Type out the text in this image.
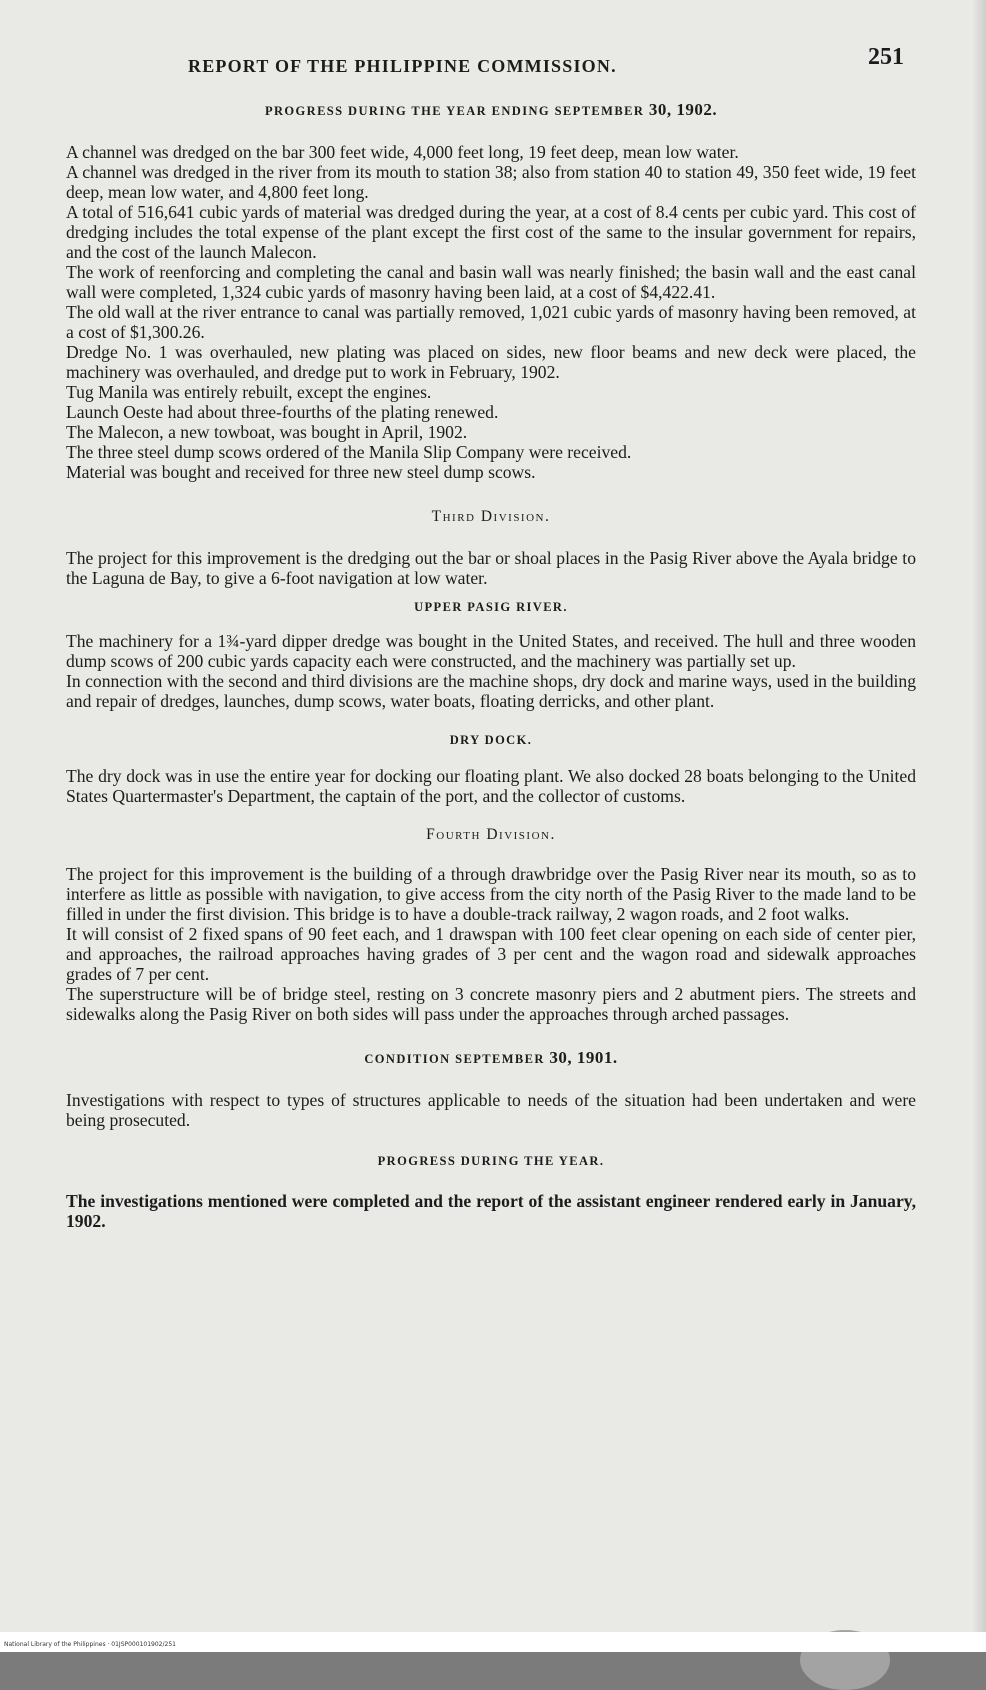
REPORT OF THE PHILIPPINE COMMISSION.	251
PROGRESS DURING THE YEAR ENDING SEPTEMBER 30, 1902.

A channel was dredged on the bar 300 feet wide, 4,000 feet long, 19 feet deep, mean low water.

A channel was dredged in the river from its mouth to station 38; also from station 40 to station 49, 350 feet wide, 19 feet deep, mean low water, and 4,800 feet long.

A total of 516,641 cubic yards of material was dredged during the year, at a cost of 8.4 cents per cubic yard. This cost of dredging includes the total expense of the plant except the first cost of the same to the insular government for repairs, and the cost of the launch Malecon.

The work of reenforcing and completing the canal and basin wall was nearly finished; the basin wall and the east canal wall were completed, 1,324 cubic yards of masonry having been laid, at a cost of $4,422.41.

The old wall at the river entrance to canal was partially removed, 1,021 cubic yards of masonry having been removed, at a cost of $1,300.26.

Dredge No. 1 was overhauled, new plating was placed on sides, new floor beams and new deck were placed, the machinery was overhauled, and dredge put to work in February, 1902.

Tug Manila was entirely rebuilt, except the engines.

Launch Oeste had about three-fourths of the plating renewed.

The Malecon, a new towboat, was bought in April, 1902.

The three steel dump scows ordered of the Manila Slip Company were received.

Material was bought and received for three new steel dump scows.

Third Division.

The project for this improvement is the dredging out the bar or shoal places in the Pasig River above the Ayala bridge to the Laguna de Bay, to give a 6-foot navigation at low water.

UPPER PASIG RIVER.

The machinery for a 1¾-yard dipper dredge was bought in the United States, and received. The hull and three wooden dump scows of 200 cubic yards capacity each were constructed, and the machinery was partially set up.

In connection with the second and third divisions are the machine shops, dry dock and marine ways, used in the building and repair of dredges, launches, dump scows, water boats, floating derricks, and other plant.

DRY DOCK.

The dry dock was in use the entire year for docking our floating plant. We also docked 28 boats belonging to the United States Quartermaster's Department, the captain of the port, and the collector of customs.

Fourth Division.

The project for this improvement is the building of a through drawbridge over the Pasig River near its mouth, so as to interfere as little as possible with navigation, to give access from the city north of the Pasig River to the made land to be filled in under the first division. This bridge is to have a double-track railway, 2 wagon roads, and 2 foot walks.

It will consist of 2 fixed spans of 90 feet each, and 1 drawspan with 100 feet clear opening on each side of center pier, and approaches, the railroad approaches having grades of 3 per cent and the wagon road and sidewalk approaches grades of 7 per cent.

The superstructure will be of bridge steel, resting on 3 concrete masonry piers and 2 abutment piers. The streets and sidewalks along the Pasig River on both sides will pass under the approaches through arched passages.

CONDITION SEPTEMBER 30, 1901.

Investigations with respect to types of structures applicable to needs of the situation had been undertaken and were being prosecuted.

PROGRESS DURING THE YEAR.

The investigations mentioned were completed and the report of the assistant engineer rendered early in January, 1902.

National Library of the Philippines · 01JSP000101902/251
